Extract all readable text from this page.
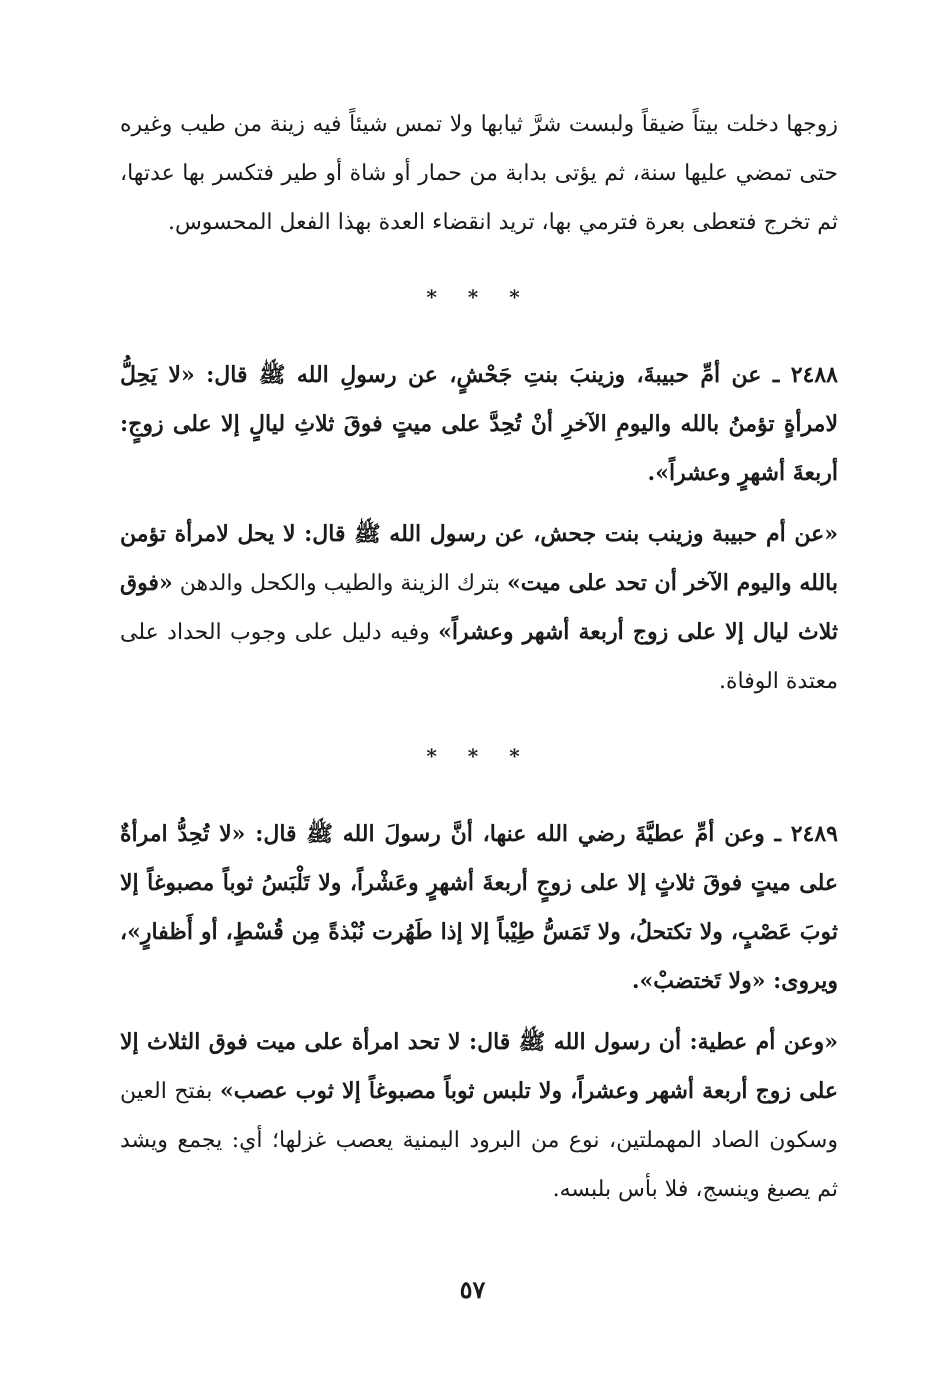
زوجها دخلت بيتاً ضيقاً ولبست شرَّ ثيابها ولا تمس شيئاً فيه زينة من طيب وغيره حتى تمضي عليها سنة، ثم يؤتى بدابة من حمار أو شاة أو طير فتكسر بها عدتها، ثم تخرج فتعطى بعرة فترمي بها، تريد انقضاء العدة بهذا الفعل المحسوس.

* * *

٢٤٨٨ ـ عن أمِّ حبيبةَ، وزينبَ بنتِ جَحْشٍ، عن رسولِ الله ﷺ قال: «لا يَحِلُّ لامرأةٍ تؤمنُ بالله واليومِ الآخرِ أنْ تُحِدَّ على ميتٍ فوقَ ثلاثِ ليالٍ إلا على زوجٍ: أربعةَ أشهرٍ وعشراً».

«عن أم حبيبة وزينب بنت جحش، عن رسول الله ﷺ قال: لا يحل لامرأة تؤمن بالله واليوم الآخر أن تحد على ميت» بترك الزينة والطيب والكحل والدهن «فوق ثلاث ليال إلا على زوج أربعة أشهر وعشراً» وفيه دليل على وجوب الحداد على معتدة الوفاة.

* * *

٢٤٨٩ ـ وعن أمِّ عطيَّةَ رضي الله عنها، أنَّ رسولَ الله ﷺ قال: «لا تُحِدُّ امرأةٌ على ميتٍ فوقَ ثلاثٍ إلا على زوجٍ أربعةَ أشهرٍ وعَشْراً، ولا تَلْبَسُ ثوباً مصبوغاً إلا ثوبَ عَصْبٍ، ولا تكتحلُ، ولا تَمَسُّ طِيْباً إلا إذا طَهُرت نُبْذةً مِن قُسْطٍ، أو أَظفارٍ»، ويروى: «ولا تَختضبْ».

«وعن أم عطية: أن رسول الله ﷺ قال: لا تحد امرأة على ميت فوق الثلاث إلا على زوج أربعة أشهر وعشراً، ولا تلبس ثوباً مصبوغاً إلا ثوب عصب» بفتح العين وسكون الصاد المهملتين، نوع من البرود اليمنية يعصب غزلها؛ أي: يجمع ويشد ثم يصبغ وينسج، فلا بأس بلبسه.

٥٧
